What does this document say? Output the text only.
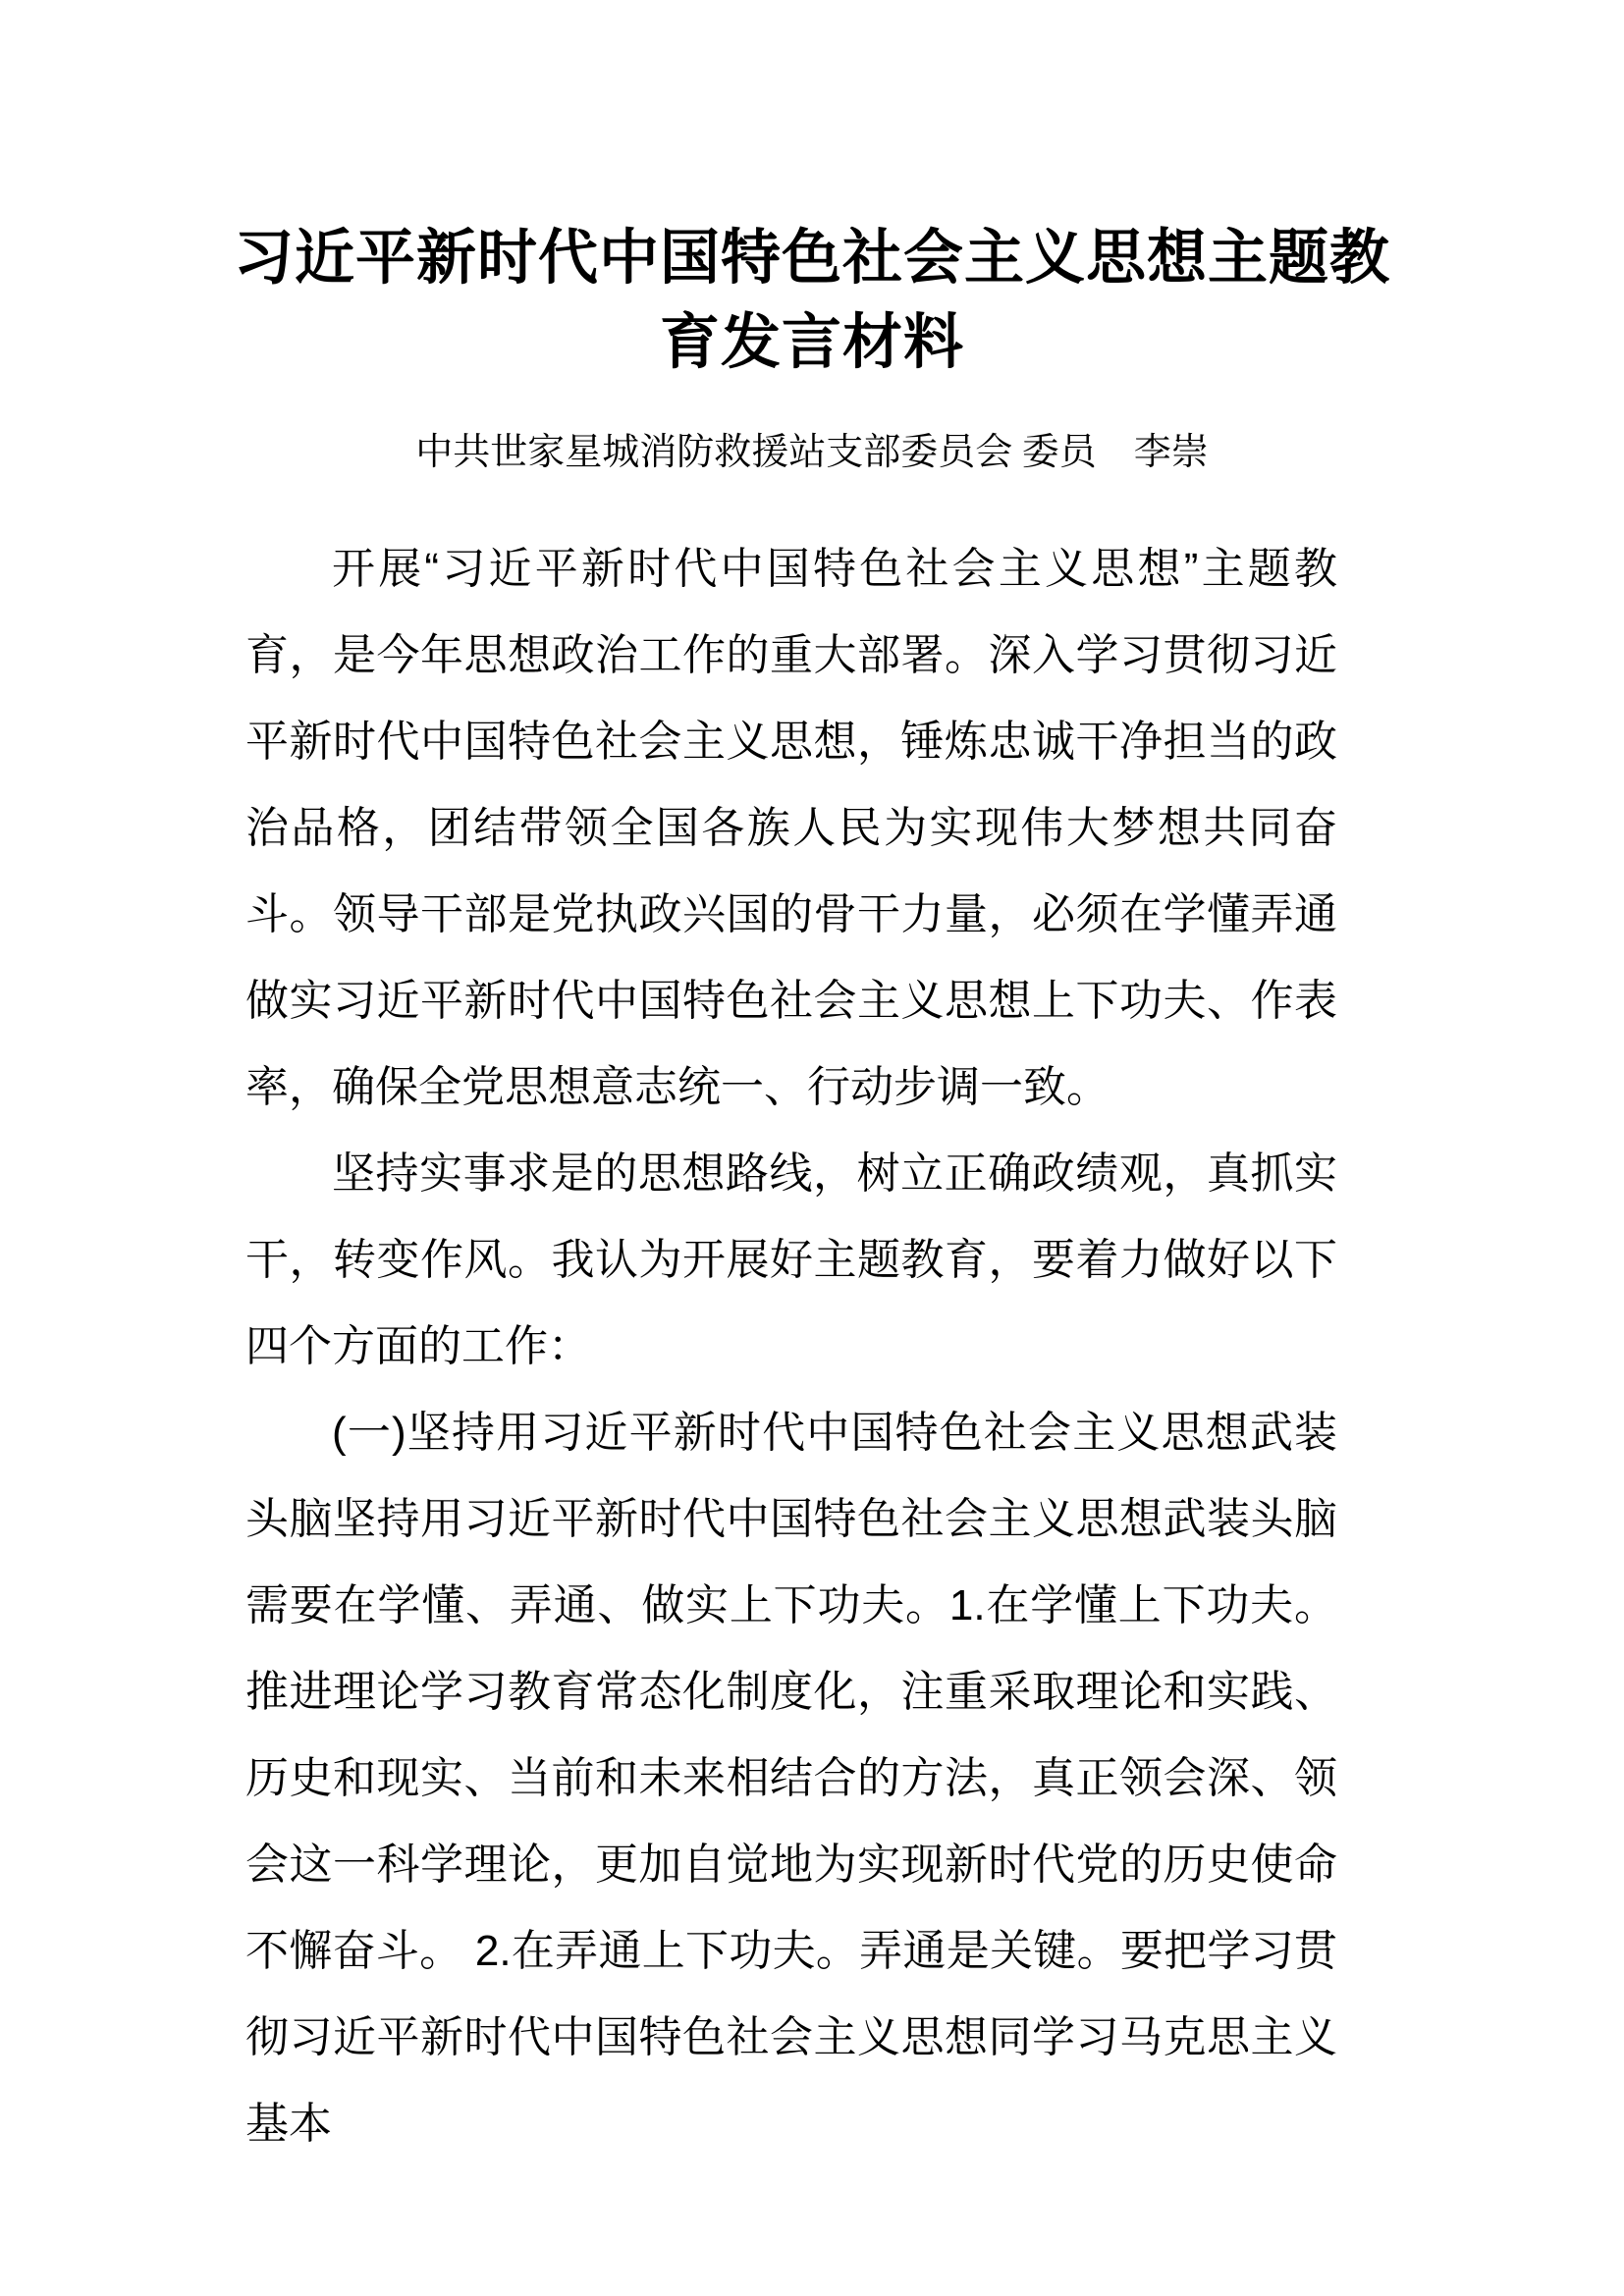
习近平新时代中国特色社会主义思想主题教育发言材料
中共世家星城消防救援站支部委员会 委员　李崇

开展“习近平新时代中国特色社会主义思想”主题教育，是今年思想政治工作的重大部署。深入学习贯彻习近平新时代中国特色社会主义思想，锤炼忠诚干净担当的政治品格，团结带领全国各族人民为实现伟大梦想共同奋斗。领导干部是党执政兴国的骨干力量，必须在学懂弄通做实习近平新时代中国特色社会主义思想上下功夫、作表率，确保全党思想意志统一、行动步调一致。

坚持实事求是的思想路线，树立正确政绩观，真抓实干，转变作风。我认为开展好主题教育，要着力做好以下四个方面的工作：

(一)坚持用习近平新时代中国特色社会主义思想武装头脑坚持用习近平新时代中国特色社会主义思想武装头脑需要在学懂、弄通、做实上下功夫。1.在学懂上下功夫。推进理论学习教育常态化制度化，注重采取理论和实践、历史和现实、当前和未来相结合的方法，真正领会深、领会这一科学理论，更加自觉地为实现新时代党的历史使命不懈奋斗。 2.在弄通上下功夫。弄通是关键。要把学习贯彻习近平新时代中国特色社会主义思想同学习马克思主义基本
